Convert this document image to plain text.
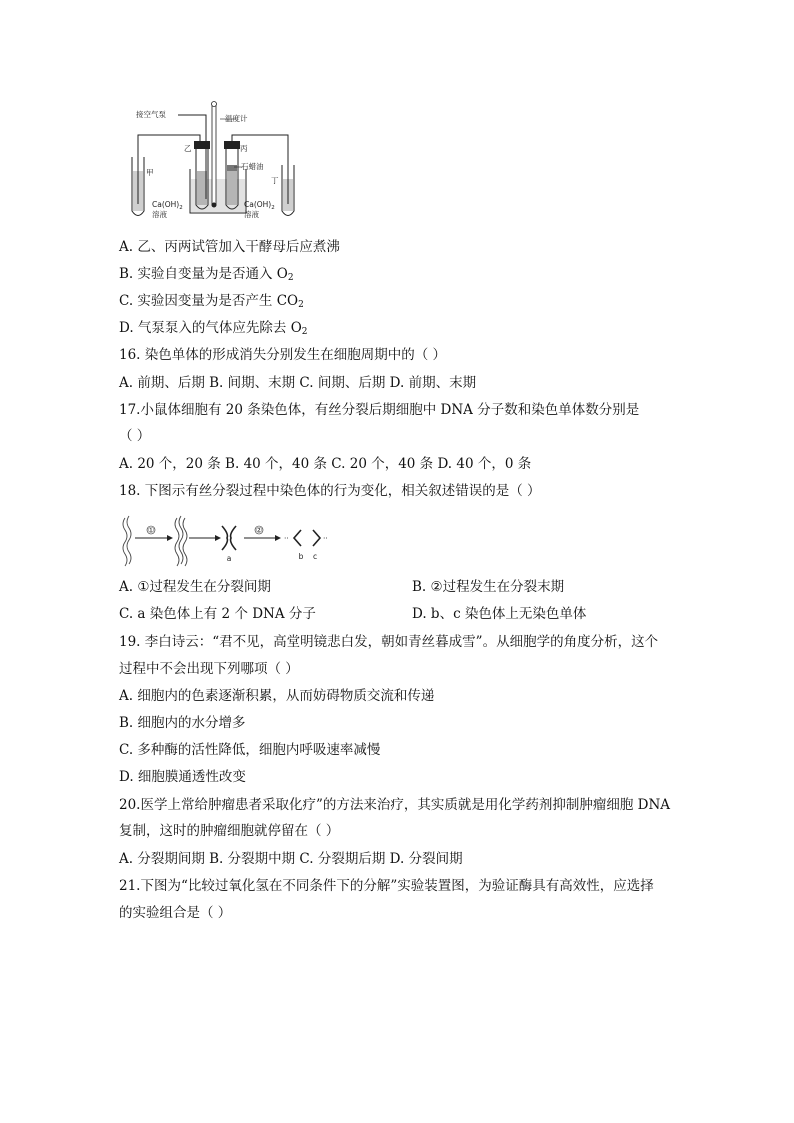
接空气泵	温度计
乙	丙
石蜡油
甲
丁
$Ca(OH)_2$
溶液
$Ca(OH)_2$
溶液
A. 乙、丙两试管加入干酵母后应煮沸
B. 实验自变量为是否通入 $O_2$
C. 实验因变量为是否产生 $CO_2$
D. 气泵泵入的气体应先除去 $O_2$
16. 染色单体的形成消失分别发生在细胞周期中的（ ）
A. 前期、后期 B. 间期、末期 C. 间期、后期 D. 前期、末期
17.小鼠体细胞有 20 条染色体，有丝分裂后期细胞中 DNA 分子数和染色单体数分别是
（ ）
A. 20 个，20 条 B. 40 个，40 条 C. 20 个，40 条 D. 40 个，0 条
18. 下图示有丝分裂过程中染色体的行为变化，相关叙述错误的是（ ）
①
a
②
··	··
b c
A. ①过程发生在分裂间期	B. ②过程发生在分裂末期
C. a 染色体上有 2 个 DNA 分子	D. b、c 染色体上无染色单体
19. 李白诗云：“君不见，高堂明镜悲白发，朝如青丝暮成雪”。从细胞学的角度分析，这个
过程中不会出现下列哪项（ ）
A. 细胞内的色素逐渐积累，从而妨碍物质交流和传递
B. 细胞内的水分增多
C. 多种酶的活性降低，细胞内呼吸速率减慢
D. 细胞膜通透性改变
20.医学上常给肿瘤患者采取化疗”的方法来治疗，其实质就是用化学药剂抑制肿瘤细胞 DNA
复制，这时的肿瘤细胞就停留在（ ）
A. 分裂期间期 B. 分裂期中期 C. 分裂期后期 D. 分裂间期
21.下图为“比较过氧化氢在不同条件下的分解”实验装置图，为验证酶具有高效性，应选择
的实验组合是（ ）
